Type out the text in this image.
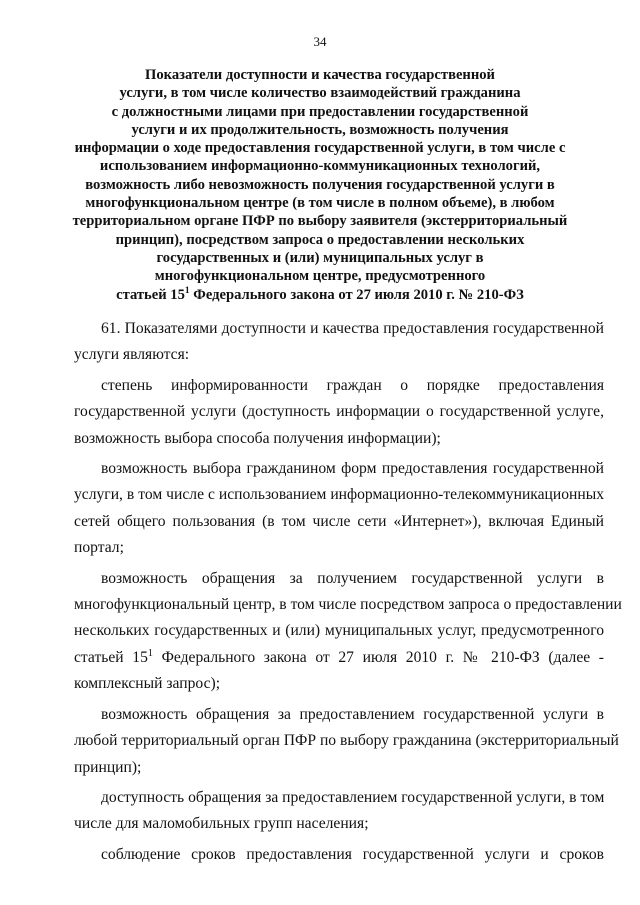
34
Показатели доступности и качества государственной
услуги, в том числе количество взаимодействий гражданина
с должностными лицами при предоставлении государственной
услуги и их продолжительность, возможность получения
информации о ходе предоставления государственной услуги, в том числе с
использованием информационно-коммуникационных технологий,
возможность либо невозможность получения государственной услуги в
многофункциональном центре (в том числе в полном объеме), в любом
территориальном органе ПФР по выбору заявителя (экстерриториальный
принцип), посредством запроса о предоставлении нескольких
государственных и (или) муниципальных услуг в
многофункциональном центре, предусмотренного
статьей $15^1$ Федерального закона от 27 июля 2010 г. № 210-ФЗ
61. Показателями доступности и качества предоставления государственной
услуги являются:
степень информированности граждан о порядке предоставления
государственной услуги (доступность информации о государственной услуге,
возможность выбора способа получения информации);
возможность выбора гражданином форм предоставления государственной
услуги, в том числе с использованием информационно-телекоммуникационных
сетей общего пользования (в том числе сети «Интернет»), включая Единый
портал;
возможность обращения за получением государственной услуги в
многофункциональный центр, в том числе посредством запроса о предоставлении
нескольких государственных и (или) муниципальных услуг, предусмотренного
статьей $15^1$ Федерального закона от 27 июля 2010 г. № 210-ФЗ (далее -
комплексный запрос);
возможность обращения за предоставлением государственной услуги в
любой территориальный орган ПФР по выбору гражданина (экстерриториальный
принцип);
доступность обращения за предоставлением государственной услуги, в том
числе для маломобильных групп населения;
соблюдение сроков предоставления государственной услуги и сроков
